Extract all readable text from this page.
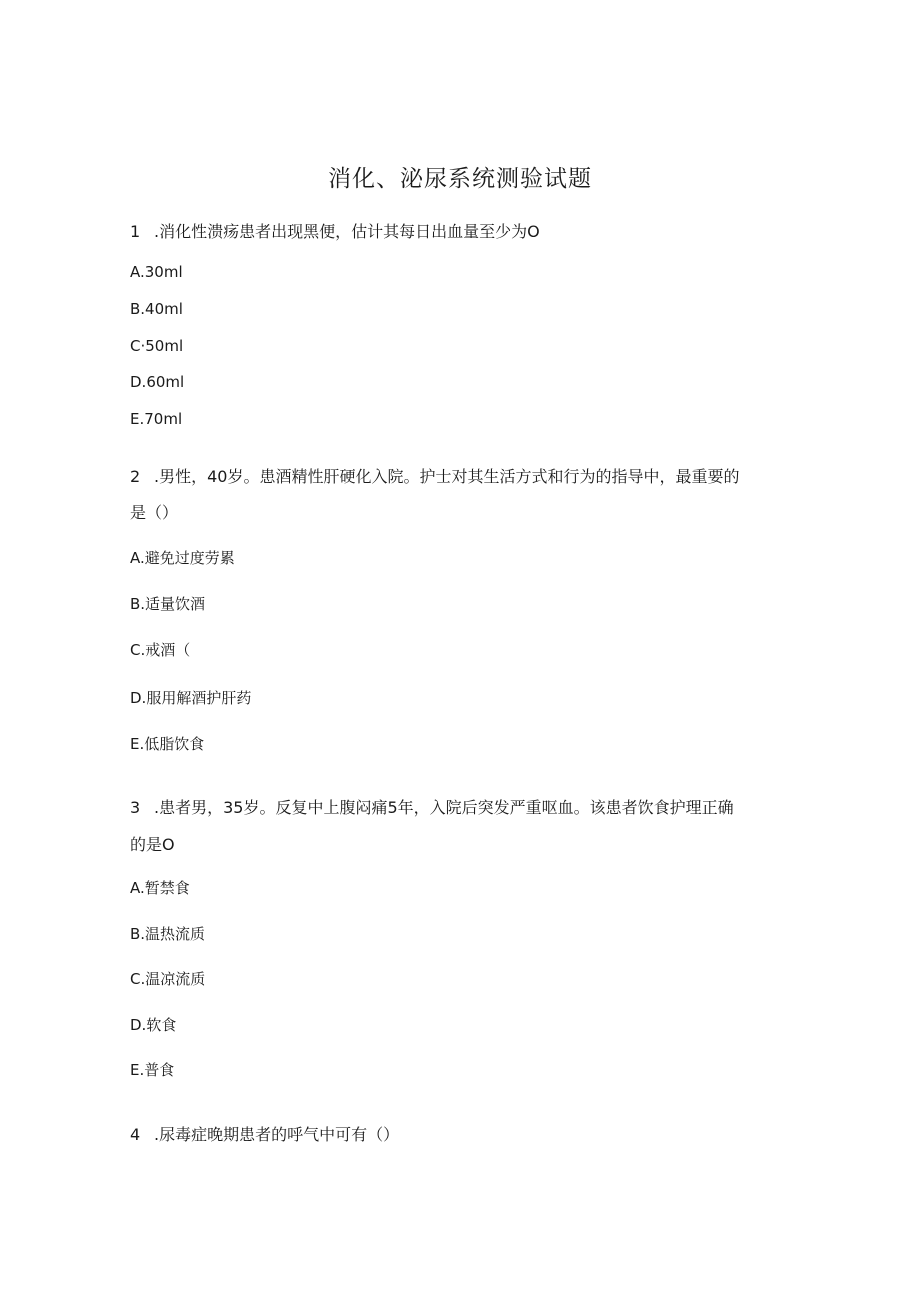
消化、泌尿系统测验试题
1 .消化性溃疡患者出现黑便，估计其每日出血量至少为O
A.30ml
B.40ml
C·50ml
D.60ml
E.70ml
2 .男性，40岁。患酒精性肝硬化入院。护士对其生活方式和行为的指导中，最重要的
是（）
A.避免过度劳累
B.适量饮酒
C.戒酒（
D.服用解酒护肝药
E.低脂饮食
3 .患者男，35岁。反复中上腹闷痛5年，入院后突发严重呕血。该患者饮食护理正确
的是O
A.暂禁食
B.温热流质
C.温凉流质
D.软食
E.普食
4 .尿毒症晚期患者的呼气中可有（）
